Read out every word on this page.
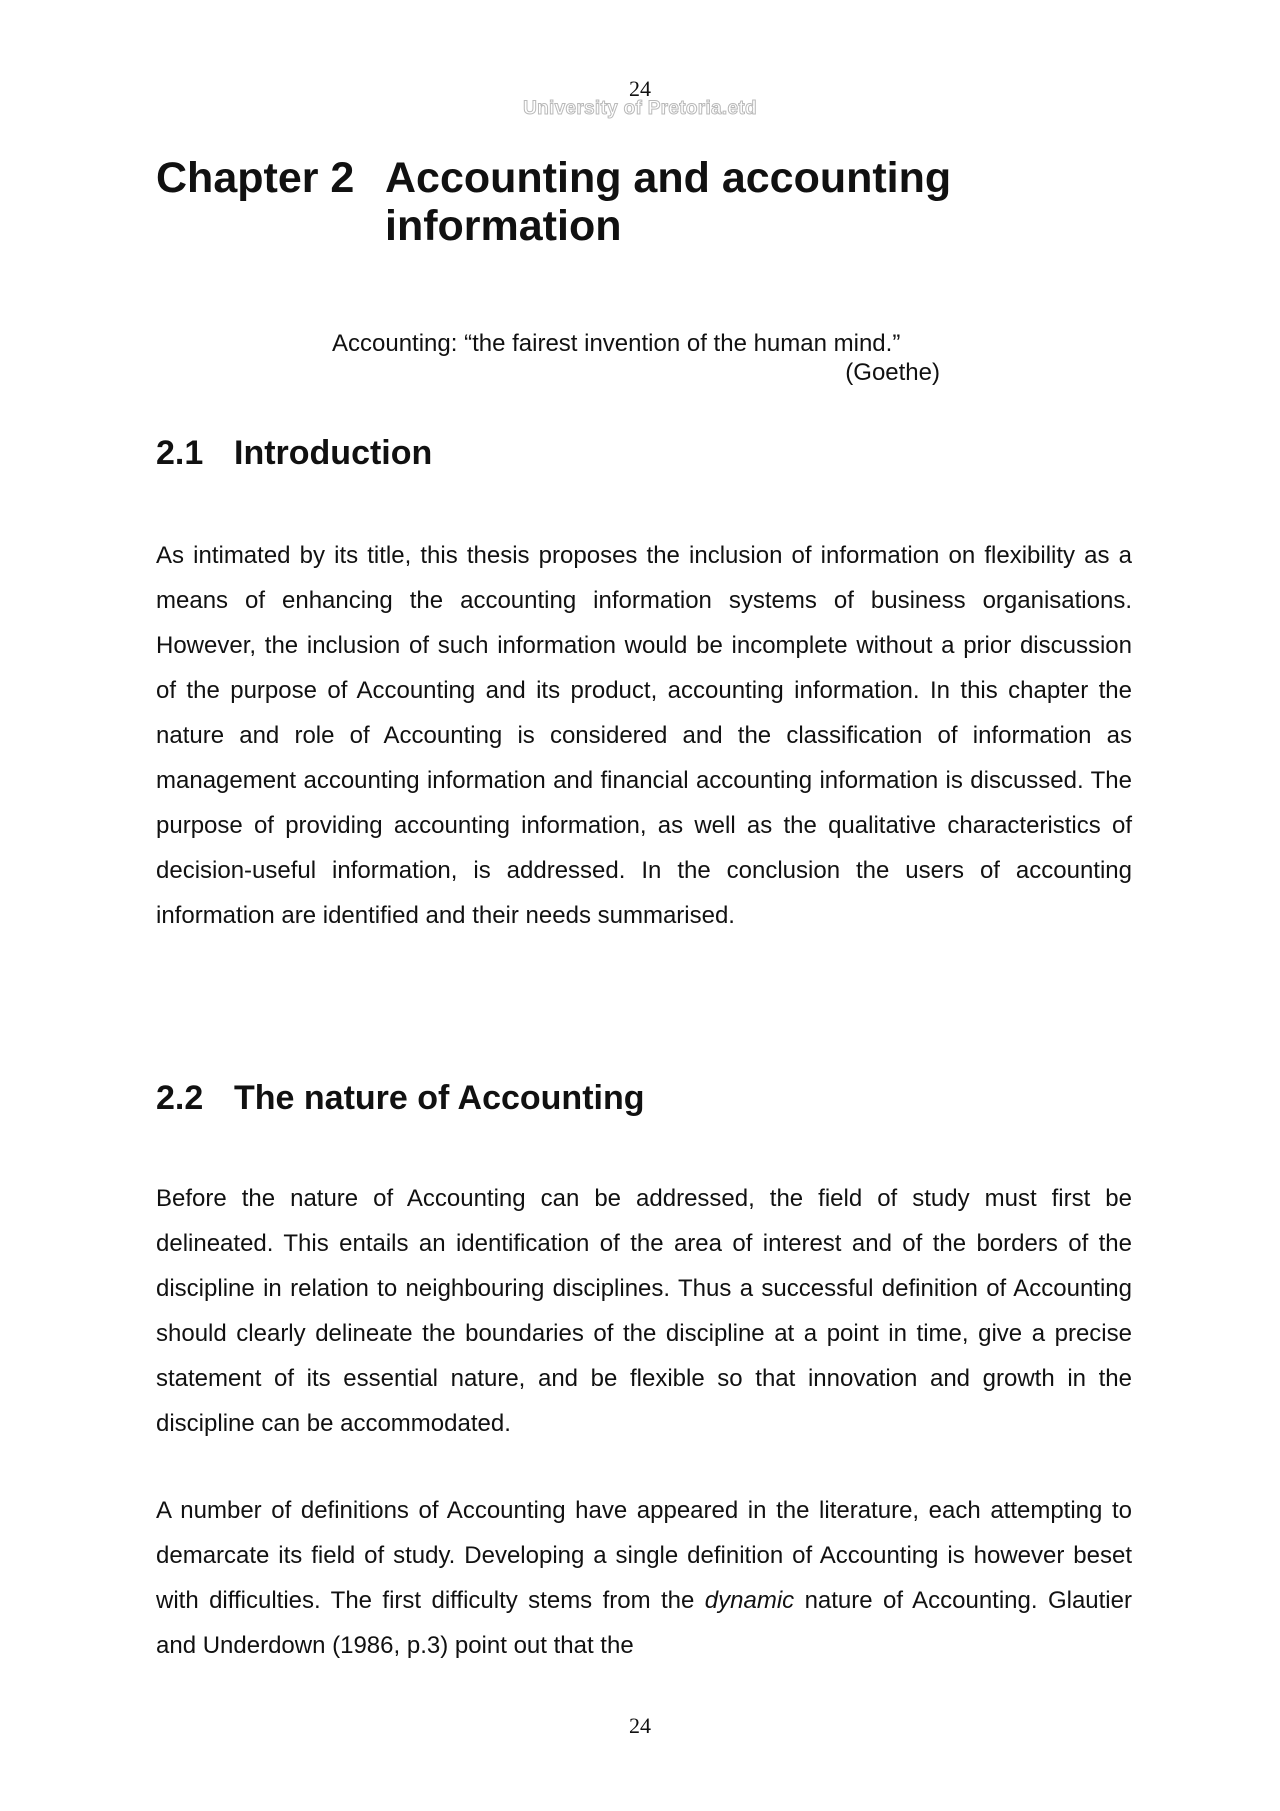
24
University of Pretoria.etd
Chapter 2 Accounting and accounting information
Accounting: “the fairest invention of the human mind.”
(Goethe)
2.1 Introduction

As intimated by its title, this thesis proposes the inclusion of information on flexibility as a means of enhancing the accounting information systems of business organisations. However, the inclusion of such information would be incomplete without a prior discussion of the purpose of Accounting and its product, accounting information. In this chapter the nature and role of Accounting is considered and the classification of information as management accounting information and financial accounting information is discussed. The purpose of providing accounting information, as well as the qualitative characteristics of decision-useful information, is addressed. In the conclusion the users of accounting information are identified and their needs summarised.

2.2 The nature of Accounting

Before the nature of Accounting can be addressed, the field of study must first be delineated. This entails an identification of the area of interest and of the borders of the discipline in relation to neighbouring disciplines. Thus a successful definition of Accounting should clearly delineate the boundaries of the discipline at a point in time, give a precise statement of its essential nature, and be flexible so that innovation and growth in the discipline can be accommodated.

A number of definitions of Accounting have appeared in the literature, each attempting to demarcate its field of study. Developing a single definition of Accounting is however beset with difficulties. The first difficulty stems from the dynamic nature of Accounting. Glautier and Underdown (1986, p.3) point out that the

24
